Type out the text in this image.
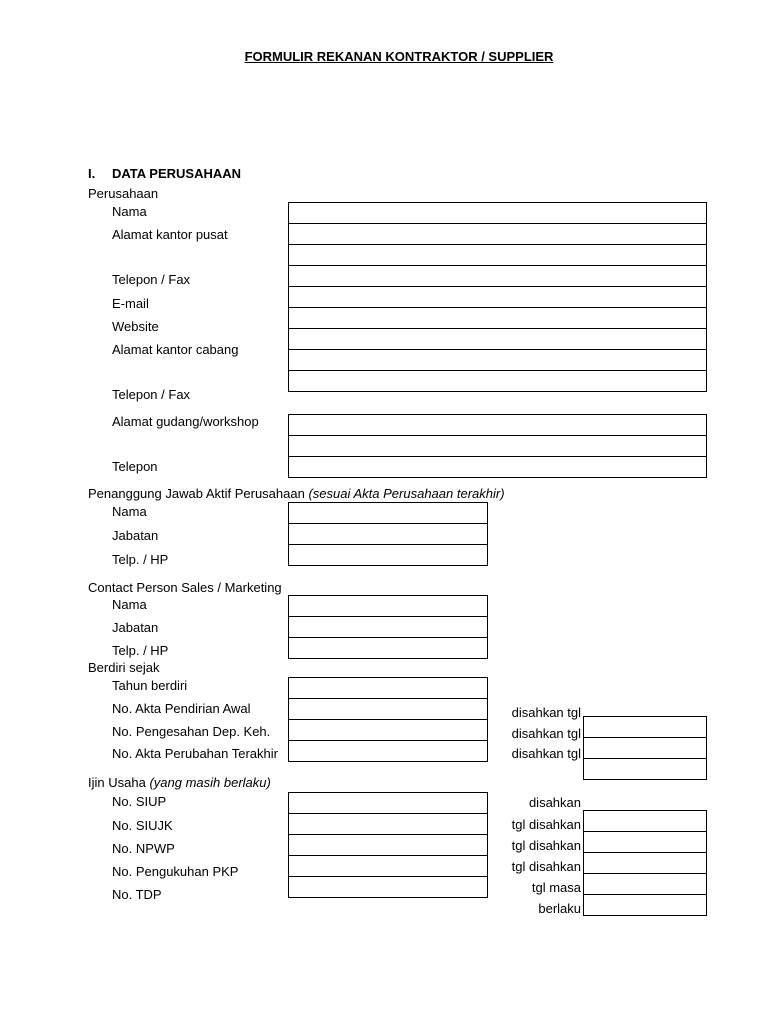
FORMULIR REKANAN KONTRAKTOR / SUPPLIER
I. DATA PERUSAHAAN
Perusahaan
Nama
Alamat kantor pusat
Telepon / Fax
E-mail
Website
Alamat kantor cabang
Telepon / Fax
Alamat gudang/workshop
Telepon
Penanggung Jawab Aktif Perusahaan (sesuai Akta Perusahaan terakhir)
Nama
Jabatan
Telp. / HP
Contact Person Sales / Marketing
Nama
Jabatan
Telp. / HP
Berdiri sejak
Tahun berdiri
No. Akta Pendirian Awal
No. Pengesahan Dep. Keh.
No. Akta Perubahan Terakhir
disahkan tgl
disahkan tgl
disahkan tgl
Ijin Usaha (yang masih berlaku)
No. SIUP
No. SIUJK
No. NPWP
No. Pengukuhan PKP
No. TDP
disahkan
tgl disahkan
tgl disahkan
tgl disahkan
tgl masa
berlaku
